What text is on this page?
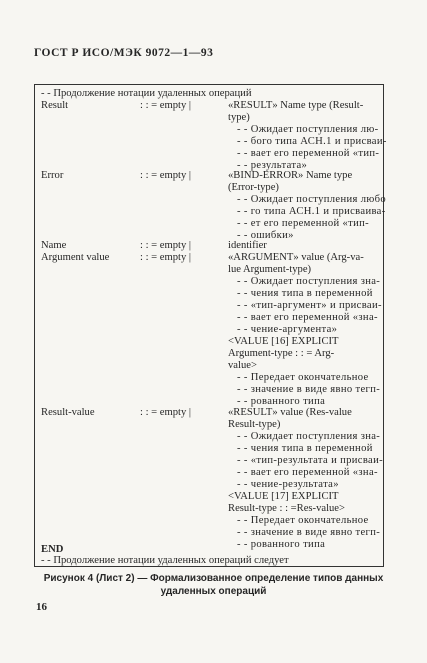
ГОСТ Р ИСО/МЭК 9072—1—93
- - Продолжение нотации удаленных операций
Result	: : = empty |	«RESULT» Name type (Result-
type)
- - Ожидает поступления лю-
- - бого типа АСН.1 и присваи-
- - вает его переменной «тип-
- - результата»
Error	: : = empty |	«BIND-ERROR» Name type
(Error-type)
- - Ожидает поступления любо
- - го типа АСН.1 и присваива-
- - ет его переменной «тип-
- - ошибки»
Name	: : = empty |	identifier
Argument value	: : = empty |	«ARGUMENT» value (Arg-va-
lue Argument-type)
- - Ожидает поступления зна-
- - чения типа в переменной
- - «тип-аргумент» и присваи-
- - вает его переменной «зна-
- - чение-аргумента»
<VALUE [16] EXPLICIT
Argument-type : : = Arg-
value>
- - Передает окончательное
- - значение в виде явно тегп-
- - рованного типа
Result-value	: : = empty |	«RESULT» value (Res-value
Result-type)
- - Ожидает поступления зна-
- - чения типа в переменной
- - «тип-результата и присваи-
- - вает его переменной «зна-
- - чение-результата»
<VALUE [17] EXPLICIT
Result-type : : =Res-value>
- - Передает окончательное
- - значение в виде явно тегп-
- - рованного типа
END
- - Продолжение нотации удаленных операций следует
Рисунок 4 (Лист 2) — Формализованное определение типов данных
удаленных операций
16
